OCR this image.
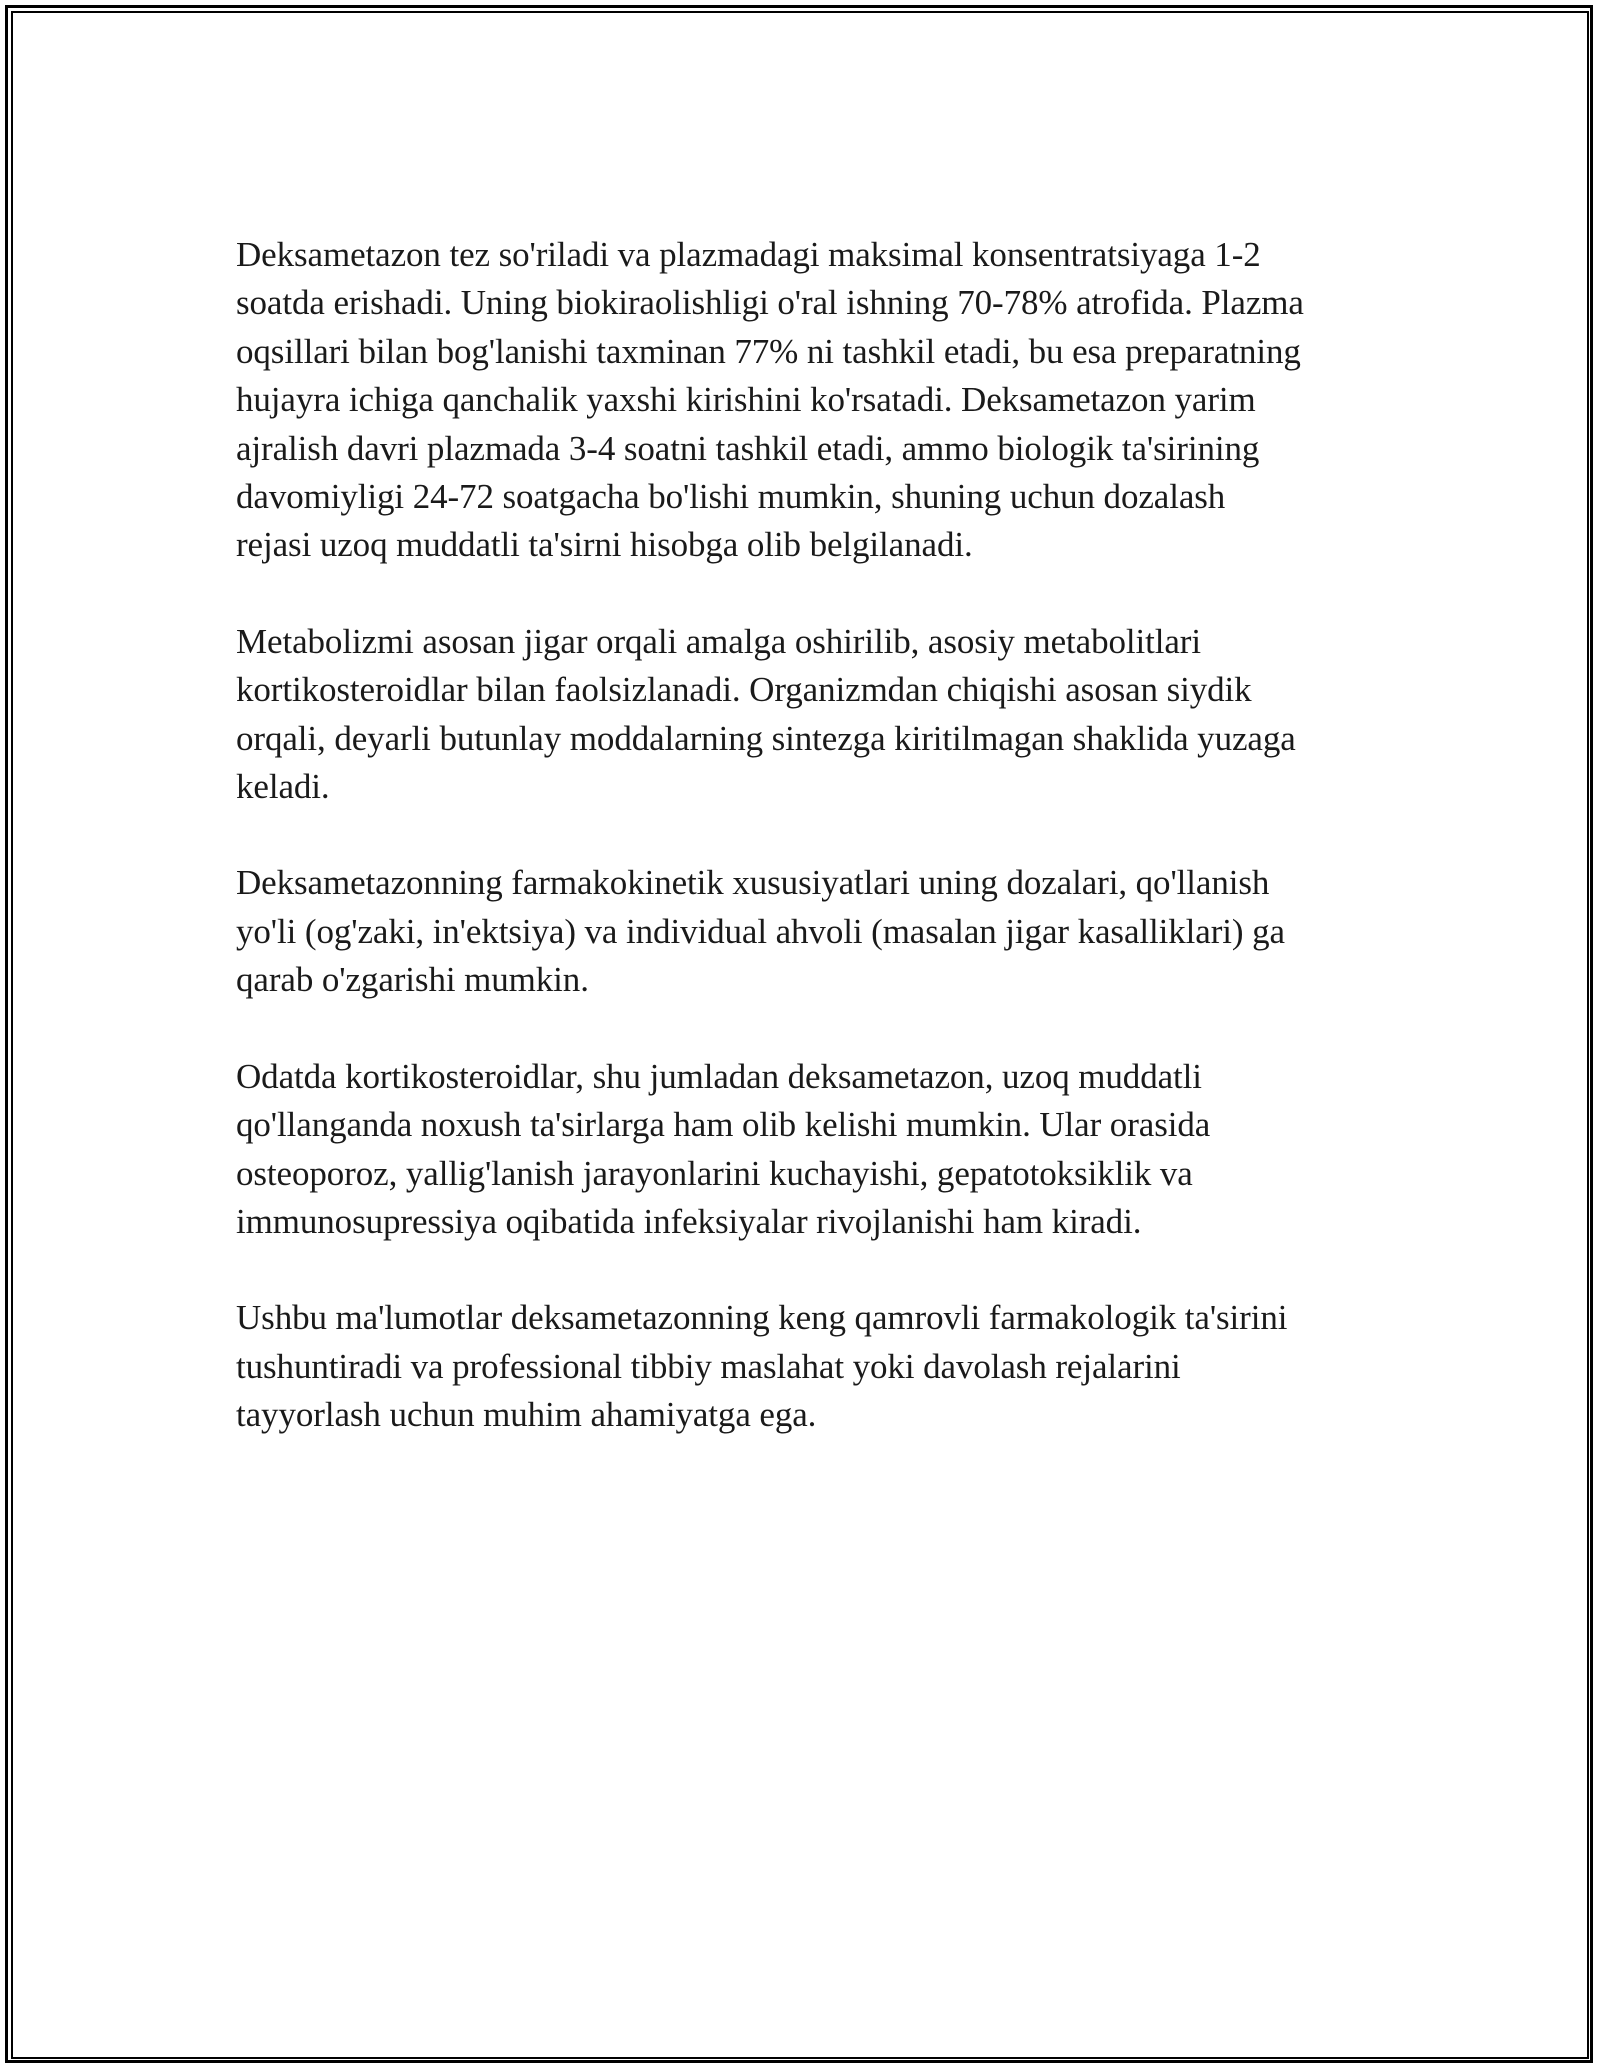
Deksametazon tez so'riladi va plazmadagi maksimal konsentratsiyaga 1-2
soatda erishadi. Uning biokiraolishligi o'ral ishning 70-78% atrofida. Plazma
oqsillari bilan bog'lanishi taxminan 77% ni tashkil etadi, bu esa preparatning
hujayra ichiga qanchalik yaxshi kirishini ko'rsatadi. Deksametazon yarim
ajralish davri plazmada 3-4 soatni tashkil etadi, ammo biologik ta'sirining
davomiyligi 24-72 soatgacha bo'lishi mumkin, shuning uchun dozalash
rejasi uzoq muddatli ta'sirni hisobga olib belgilanadi.

Metabolizmi asosan jigar orqali amalga oshirilib, asosiy metabolitlari
kortikosteroidlar bilan faolsizlanadi. Organizmdan chiqishi asosan siydik
orqali, deyarli butunlay moddalarning sintezga kiritilmagan shaklida yuzaga
keladi.

Deksametazonning farmakokinetik xususiyatlari uning dozalari, qo'llanish
yo'li (og'zaki, in'ektsiya) va individual ahvoli (masalan jigar kasalliklari) ga
qarab o'zgarishi mumkin.

Odatda kortikosteroidlar, shu jumladan deksametazon, uzoq muddatli
qo'llanganda noxush ta'sirlarga ham olib kelishi mumkin. Ular orasida
osteoporoz, yallig'lanish jarayonlarini kuchayishi, gepatotoksiklik va
immunosupressiya oqibatida infeksiyalar rivojlanishi ham kiradi.

Ushbu ma'lumotlar deksametazonning keng qamrovli farmakologik ta'sirini
tushuntiradi va professional tibbiy maslahat yoki davolash rejalarini
tayyorlash uchun muhim ahamiyatga ega.
